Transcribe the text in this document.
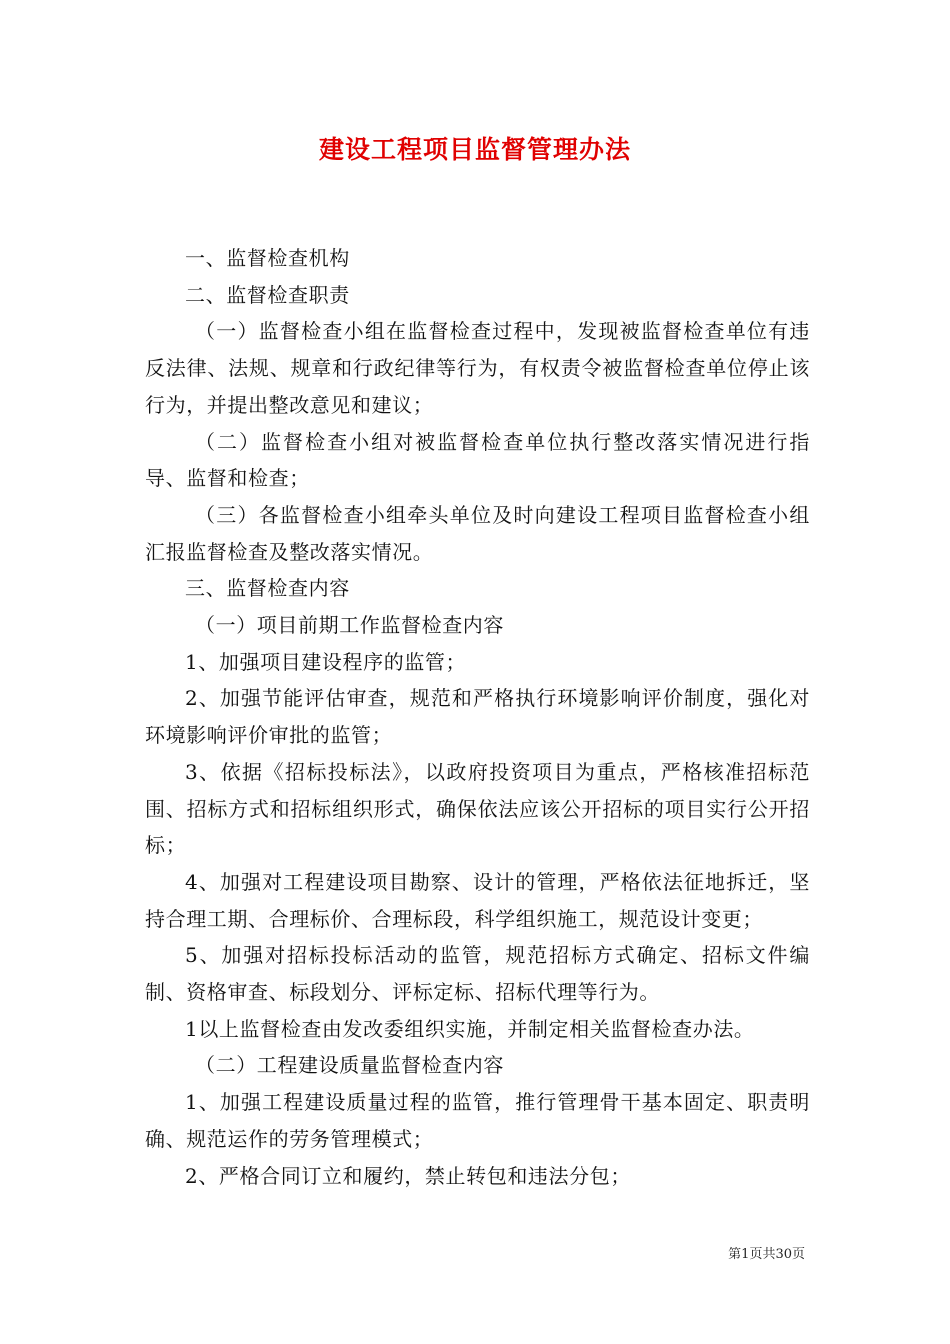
建设工程项目监督管理办法

一、监督检查机构

二、监督检查职责

（一）监督检查小组在监督检查过程中，发现被监督检查单位有违反法律、法规、规章和行政纪律等行为，有权责令被监督检查单位停止该行为，并提出整改意见和建议；

（二）监督检查小组对被监督检查单位执行整改落实情况进行指导、监督和检查；

（三）各监督检查小组牵头单位及时向建设工程项目监督检查小组汇报监督检查及整改落实情况。

三、监督检查内容

（一）项目前期工作监督检查内容

1、加强项目建设程序的监管；

2、加强节能评估审查，规范和严格执行环境影响评价制度，强化对环境影响评价审批的监管；

3、依据《招标投标法》，以政府投资项目为重点，严格核准招标范围、招标方式和招标组织形式，确保依法应该公开招标的项目实行公开招标；

4、加强对工程建设项目勘察、设计的管理，严格依法征地拆迁，坚持合理工期、合理标价、合理标段，科学组织施工，规范设计变更；

5、加强对招标投标活动的监管，规范招标方式确定、招标文件编制、资格审查、标段划分、评标定标、招标代理等行为。

1以上监督检查由发改委组织实施，并制定相关监督检查办法。

（二）工程建设质量监督检查内容

1、加强工程建设质量过程的监管，推行管理骨干基本固定、职责明确、规范运作的劳务管理模式；

2、严格合同订立和履约，禁止转包和违法分包；

第1页共30页
